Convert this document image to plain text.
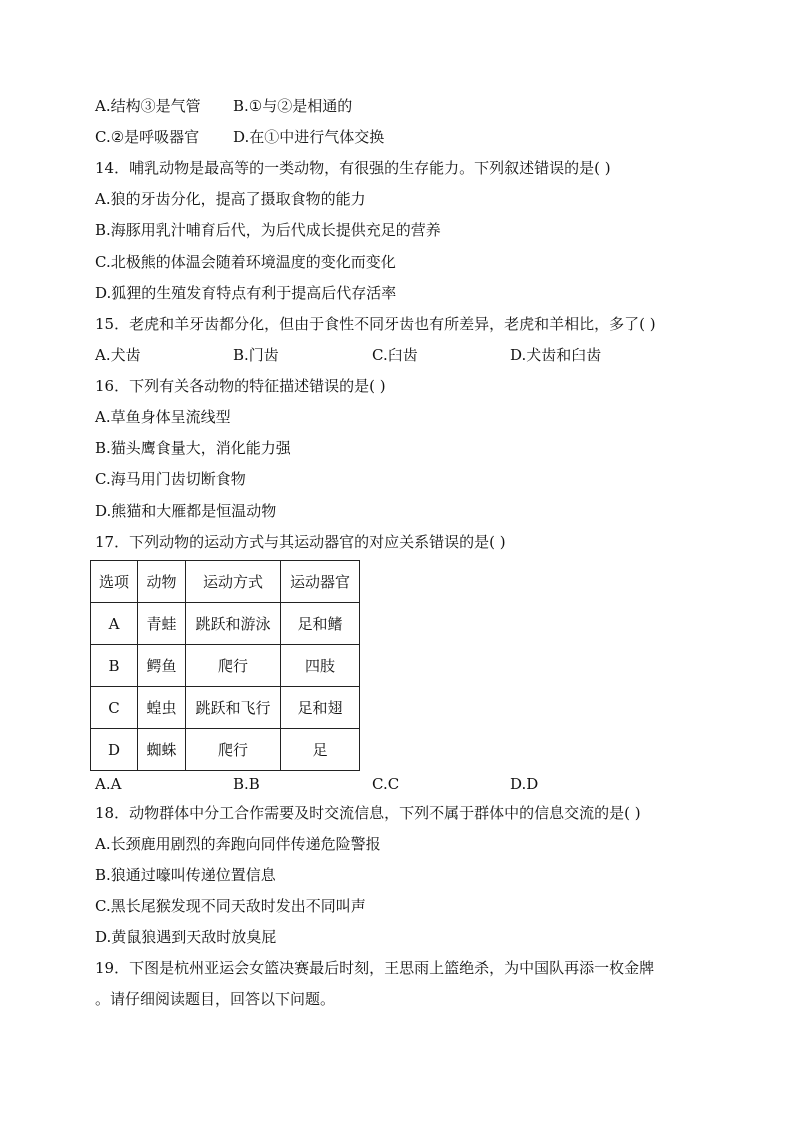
A.结构③是气管 B.①与②是相通的
C.②是呼吸器官 D.在①中进行气体交换
14．哺乳动物是最高等的一类动物，有很强的生存能力。下列叙述错误的是( )
A.狼的牙齿分化，提高了摄取食物的能力
B.海豚用乳汁哺育后代，为后代成长提供充足的营养
C.北极熊的体温会随着环境温度的变化而变化
D.狐狸的生殖发育特点有利于提高后代存活率
15．老虎和羊牙齿都分化，但由于食性不同牙齿也有所差异，老虎和羊相比，多了( )
A.犬齿	B.门齿	C.臼齿	D.犬齿和臼齿
16．下列有关各动物的特征描述错误的是( )
A.草鱼身体呈流线型
B.猫头鹰食量大，消化能力强
C.海马用门齿切断食物
D.熊猫和大雁都是恒温动物
17．下列动物的运动方式与其运动器官的对应关系错误的是( )
选项	动物	运动方式	运动器官
A	青蛙	跳跃和游泳	足和鳍
B	鳄鱼	爬行	四肢
C	蝗虫	跳跃和飞行	足和翅
D	蜘蛛	爬行	足
A.A	B.B	C.C	D.D
18．动物群体中分工合作需要及时交流信息，下列不属于群体中的信息交流的是( )
A.长颈鹿用剧烈的奔跑向同伴传递危险警报
B.狼通过嚎叫传递位置信息
C.黑长尾猴发现不同天敌时发出不同叫声
D.黄鼠狼遇到天敌时放臭屁
19．下图是杭州亚运会女篮决赛最后时刻，王思雨上篮绝杀，为中国队再添一枚金牌
。请仔细阅读题目，回答以下问题。
